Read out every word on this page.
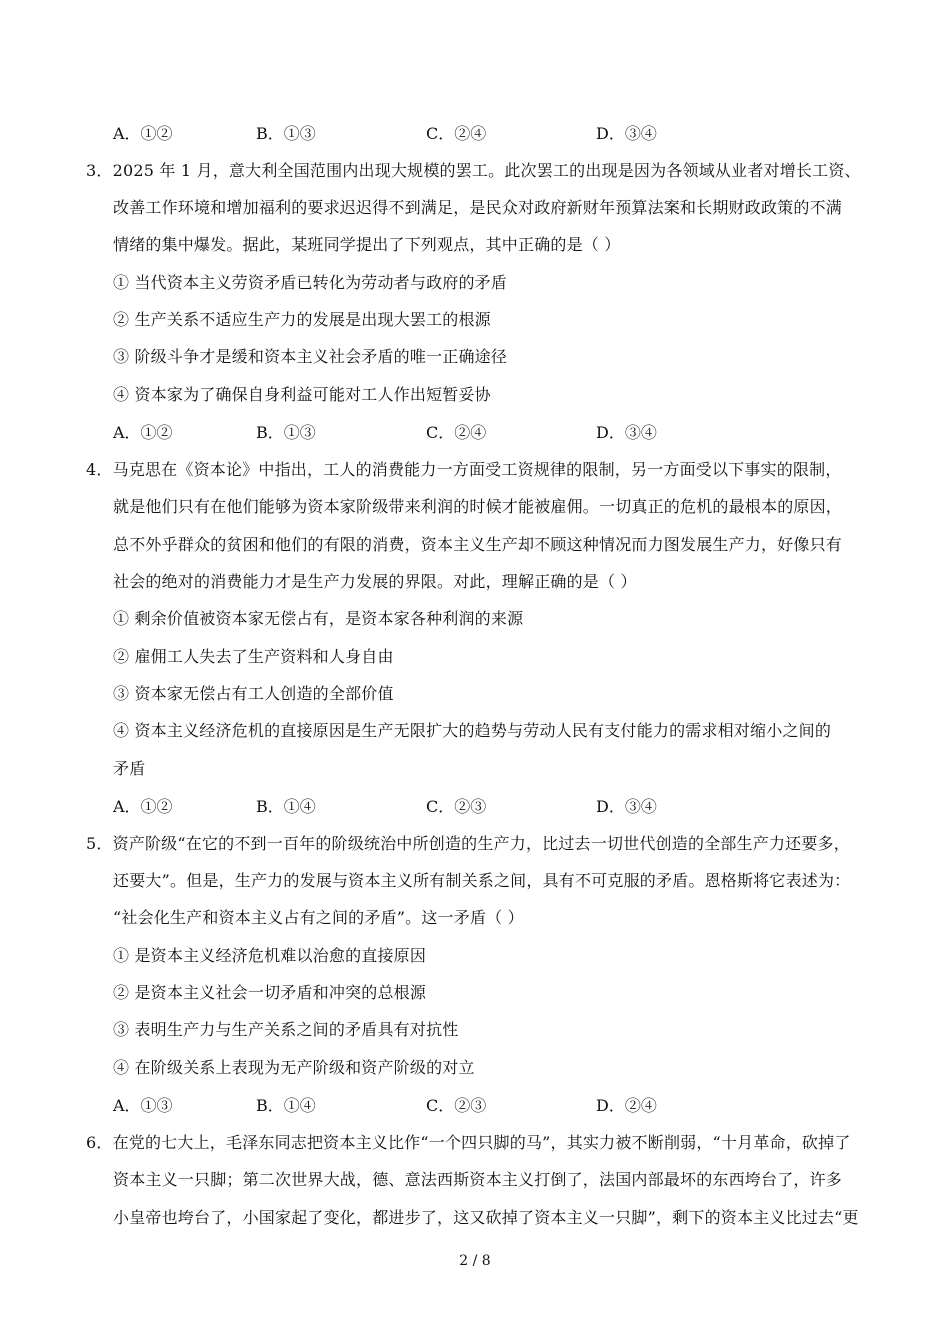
A．①②	B．①③	C．②④	D．③④
3．2025 年 1 月，意大利全国范围内出现大规模的罢工。此次罢工的出现是因为各领域从业者对增长工资、
改善工作环境和增加福利的要求迟迟得不到满足，是民众对政府新财年预算法案和长期财政政策的不满
情绪的集中爆发。据此，某班同学提出了下列观点，其中正确的是（ ）
① 当代资本主义劳资矛盾已转化为劳动者与政府的矛盾
② 生产关系不适应生产力的发展是出现大罢工的根源
③ 阶级斗争才是缓和资本主义社会矛盾的唯一正确途径
④ 资本家为了确保自身利益可能对工人作出短暂妥协
A．①②	B．①③	C．②④	D．③④
4．马克思在《资本论》中指出，工人的消费能力一方面受工资规律的限制，另一方面受以下事实的限制，
就是他们只有在他们能够为资本家阶级带来利润的时候才能被雇佣。一切真正的危机的最根本的原因，
总不外乎群众的贫困和他们的有限的消费，资本主义生产却不顾这种情况而力图发展生产力，好像只有
社会的绝对的消费能力才是生产力发展的界限。对此，理解正确的是（ ）
① 剩余价值被资本家无偿占有，是资本家各种利润的来源
② 雇佣工人失去了生产资料和人身自由
③ 资本家无偿占有工人创造的全部价值
④ 资本主义经济危机的直接原因是生产无限扩大的趋势与劳动人民有支付能力的需求相对缩小之间的
矛盾
A．①②	B．①④	C．②③	D．③④
5．资产阶级“在它的不到一百年的阶级统治中所创造的生产力，比过去一切世代创造的全部生产力还要多，
还要大”。但是，生产力的发展与资本主义所有制关系之间，具有不可克服的矛盾。恩格斯将它表述为：
“社会化生产和资本主义占有之间的矛盾”。这一矛盾（ ）
① 是资本主义经济危机难以治愈的直接原因
② 是资本主义社会一切矛盾和冲突的总根源
③ 表明生产力与生产关系之间的矛盾具有对抗性
④ 在阶级关系上表现为无产阶级和资产阶级的对立
A．①③	B．①④	C．②③	D．②④
6．在党的七大上，毛泽东同志把资本主义比作“一个四只脚的马”，其实力被不断削弱，“十月革命，砍掉了
资本主义一只脚；第二次世界大战，德、意法西斯资本主义打倒了，法国内部最坏的东西垮台了，许多
小皇帝也垮台了，小国家起了变化，都进步了，这又砍掉了资本主义一只脚”，剩下的资本主义比过去“更
2 / 8
